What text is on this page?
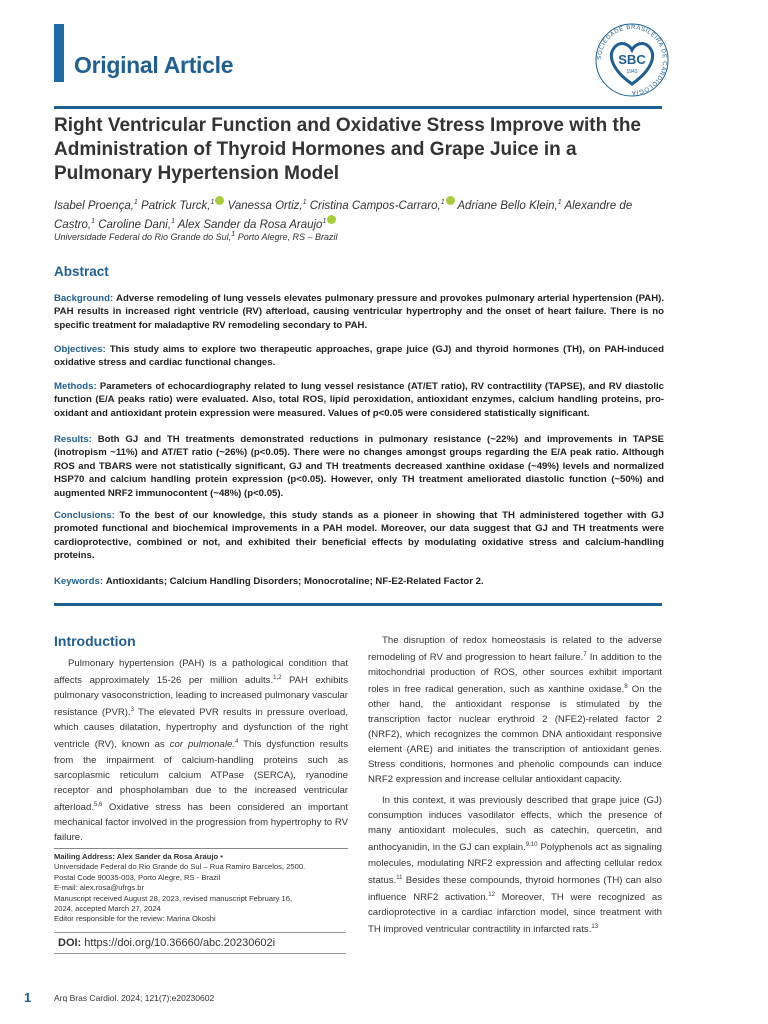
Original Article	SOCIEDADE BRASILEIRA DE CARDIOLOGIA
SBC
1943
Right Ventricular Function and Oxidative Stress Improve with the Administration of Thyroid Hormones and Grape Juice in a Pulmonary Hypertension Model
Isabel Proença,$^1$ Patrick Turck,$^1$ Vanessa Ortiz,$^1$ Cristina Campos-Carraro,$^1$ Adriane Bello Klein,$^1$ Alexandre de Castro,$^1$ Caroline Dani,$^1$ Alex Sander da Rosa Araujo$^1$
Universidade Federal do Rio Grande do Sul,$^1$ Porto Alegre, RS – Brazil
Abstract

Background: Adverse remodeling of lung vessels elevates pulmonary pressure and provokes pulmonary arterial hypertension (PAH). PAH results in increased right ventricle (RV) afterload, causing ventricular hypertrophy and the onset of heart failure. There is no specific treatment for maladaptive RV remodeling secondary to PAH.

Objectives: This study aims to explore two therapeutic approaches, grape juice (GJ) and thyroid hormones (TH), on PAH-induced oxidative stress and cardiac functional changes.

Methods: Parameters of echocardiography related to lung vessel resistance (AT/ET ratio), RV contractility (TAPSE), and RV diastolic function (E/A peaks ratio) were evaluated. Also, total ROS, lipid peroxidation, antioxidant enzymes, calcium handling proteins, pro-oxidant and antioxidant protein expression were measured. Values of p<0.05 were considered statistically significant.

Results: Both GJ and TH treatments demonstrated reductions in pulmonary resistance (~22%) and improvements in TAPSE (inotropism ~11%) and AT/ET ratio (~26%) (p<0.05). There were no changes amongst groups regarding the E/A peak ratio. Although ROS and TBARS were not statistically significant, GJ and TH treatments decreased xanthine oxidase (~49%) levels and normalized HSP70 and calcium handling protein expression (p<0.05). However, only TH treatment ameliorated diastolic function (~50%) and augmented NRF2 immunocontent (~48%) (p<0.05).

Conclusions: To the best of our knowledge, this study stands as a pioneer in showing that TH administered together with GJ promoted functional and biochemical improvements in a PAH model. Moreover, our data suggest that GJ and TH treatments were cardioprotective, combined or not, and exhibited their beneficial effects by modulating oxidative stress and calcium-handling proteins.

Keywords: Antioxidants; Calcium Handling Disorders; Monocrotaline; NF-E2-Related Factor 2.

Introduction

Pulmonary hypertension (PAH) is a pathological condition that affects approximately 15-26 per million adults.$^{1,2}$ PAH exhibits pulmonary vasoconstriction, leading to increased pulmonary vascular resistance (PVR).$^3$ The elevated PVR results in pressure overload, which causes dilatation, hypertrophy and dysfunction of the right ventricle (RV), known as cor pulmonale.$^4$ This dysfunction results from the impairment of calcium-handling proteins such as sarcoplasmic reticulum calcium ATPase (SERCA), ryanodine receptor and phospholamban due to the increased ventricular afterload.$^{5,6}$ Oxidative stress has been considered an important mechanical factor involved in the progression from hypertrophy to RV failure.

The disruption of redox homeostasis is related to the adverse remodeling of RV and progression to heart failure.$^7$ In addition to the mitochondrial production of ROS, other sources exhibit important roles in free radical generation, such as xanthine oxidase.$^8$ On the other hand, the antioxidant response is stimulated by the transcription factor nuclear erythroid 2 (NFE2)-related factor 2 (NRF2), which recognizes the common DNA antioxidant responsive element (ARE) and initiates the transcription of antioxidant genes. Stress conditions, hormones and phenolic compounds can induce NRF2 expression and increase cellular antioxidant capacity.

In this context, it was previously described that grape juice (GJ) consumption induces vasodilator effects, which the presence of many antioxidant molecules, such as catechin, quercetin, and anthocyanidin, in the GJ can explain.$^{9,10}$ Polyphenols act as signaling molecules, modulating NRF2 expression and affecting cellular redox status.$^{11}$ Besides these compounds, thyroid hormones (TH) can also influence NRF2 activation.$^{12}$ Moreover, TH were recognized as cardioprotective in a cardiac infarction model, since treatment with TH improved ventricular contractility in infarcted rats.$^{13}$

Mailing Address: Alex Sander da Rosa Araujo •
Universidade Federal do Rio Grande do Sul – Rua Ramiro Barcelos, 2500.
Postal Code 90035-003, Porto Alegre, RS - Brazil
E-mail: alex.rosa@ufrgs.br
Manuscript received August 28, 2023, revised manuscript February 16,
2024, accepted March 27, 2024
Editor responsible for the review: Marina Okoshi
DOI: https://doi.org/10.36660/abc.20230602i
1	Arq Bras Cardiol. 2024; 121(7):e20230602
